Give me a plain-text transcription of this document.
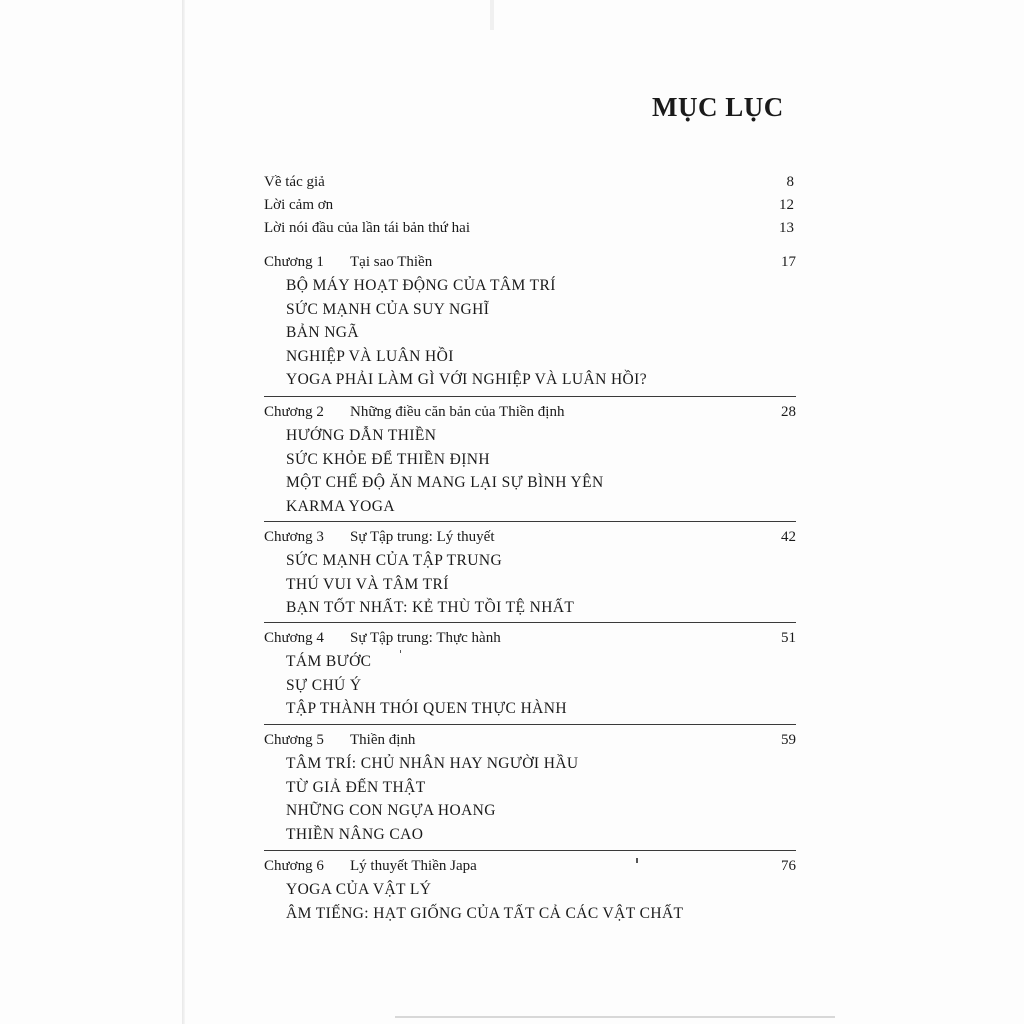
MỤC LỤC
Về tác giả	8
Lời cảm ơn	12
Lời nói đầu của lần tái bản thứ hai	13
Chương 1 Tại sao Thiền	17
BỘ MÁY HOẠT ĐỘNG CỦA TÂM TRÍ
SỨC MẠNH CỦA SUY NGHĨ
BẢN NGÃ
NGHIỆP VÀ LUÂN HỒI
YOGA PHẢI LÀM GÌ VỚI NGHIỆP VÀ LUÂN HỒI?
Chương 2 Những điều căn bản của Thiền định	28
HƯỚNG DẪN THIỀN
SỨC KHỎE ĐỂ THIỀN ĐỊNH
MỘT CHẾ ĐỘ ĂN MANG LẠI SỰ BÌNH YÊN
KARMA YOGA
Chương 3 Sự Tập trung: Lý thuyết	42
SỨC MẠNH CỦA TẬP TRUNG
THÚ VUI VÀ TÂM TRÍ
BẠN TỐT NHẤT: KẺ THÙ TỒI TỆ NHẤT
Chương 4 Sự Tập trung: Thực hành	51
TÁM BƯỚC
SỰ CHÚ Ý
TẬP THÀNH THÓI QUEN THỰC HÀNH
Chương 5 Thiền định	59
TÂM TRÍ: CHỦ NHÂN HAY NGƯỜI HẦU
TỪ GIẢ ĐẾN THẬT
NHỮNG CON NGỰA HOANG
THIỀN NÂNG CAO
Chương 6 Lý thuyết Thiền Japa	76
YOGA CỦA VẬT LÝ
ÂM TIẾNG: HẠT GIỐNG CỦA TẤT CẢ CÁC VẬT CHẤT
